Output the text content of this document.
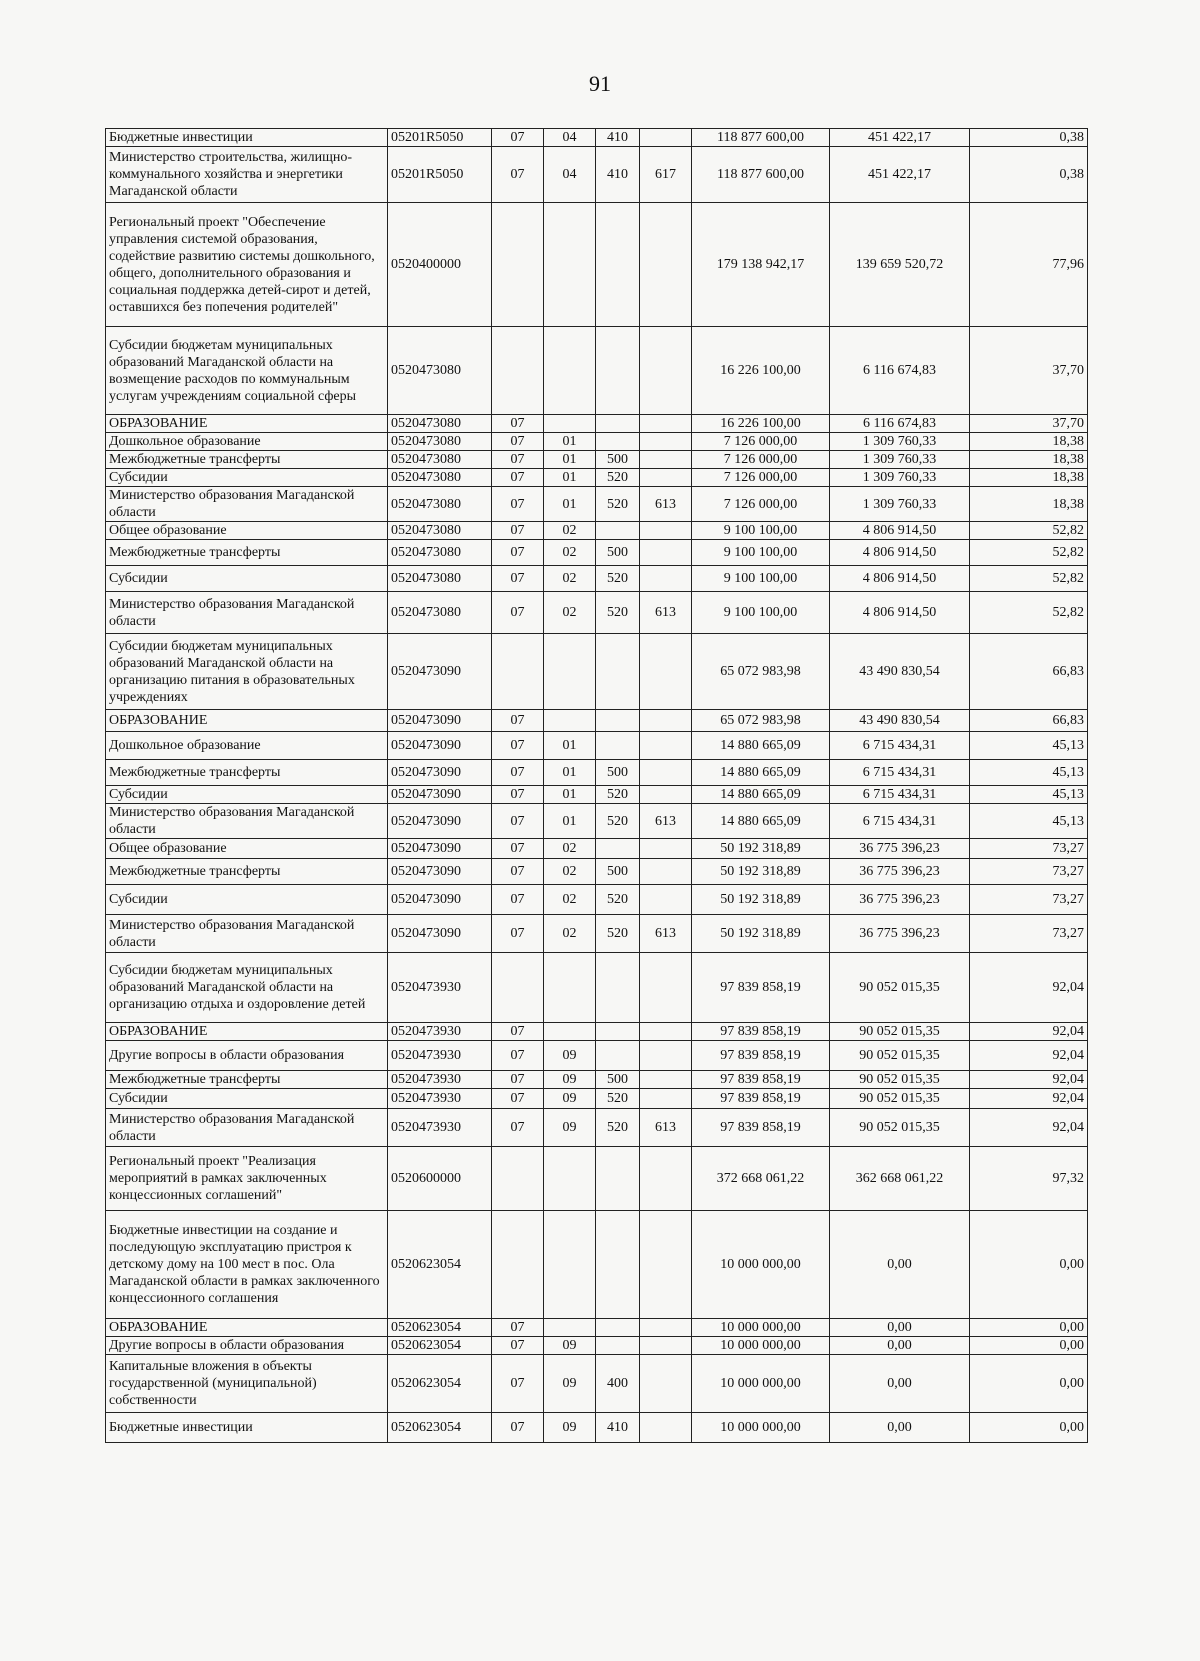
91
Бюджетные инвестиции	05201R5050	07	04	410		118 877 600,00	451 422,17	0,38
Министерство строительства, жилищно-коммунального хозяйства и энергетики Магаданской области	05201R5050	07	04	410	617	118 877 600,00	451 422,17	0,38
Региональный проект "Обеспечение управления системой образования, содействие развитию системы дошкольного, общего, дополнительного образования и социальная поддержка детей-сирот и детей, оставшихся без попечения родителей"	0520400000					179 138 942,17	139 659 520,72	77,96
Субсидии бюджетам муниципальных образований Магаданской области на возмещение расходов по коммунальным услугам учреждениям социальной сферы	0520473080					16 226 100,00	6 116 674,83	37,70
ОБРАЗОВАНИЕ	0520473080	07				16 226 100,00	6 116 674,83	37,70
Дошкольное образование	0520473080	07	01			7 126 000,00	1 309 760,33	18,38
Межбюджетные трансферты	0520473080	07	01	500		7 126 000,00	1 309 760,33	18,38
Субсидии	0520473080	07	01	520		7 126 000,00	1 309 760,33	18,38
Министерство образования Магаданской области	0520473080	07	01	520	613	7 126 000,00	1 309 760,33	18,38
Общее образование	0520473080	07	02			9 100 100,00	4 806 914,50	52,82
Межбюджетные трансферты	0520473080	07	02	500		9 100 100,00	4 806 914,50	52,82
Субсидии	0520473080	07	02	520		9 100 100,00	4 806 914,50	52,82
Министерство образования Магаданской области	0520473080	07	02	520	613	9 100 100,00	4 806 914,50	52,82
Субсидии бюджетам муниципальных образований Магаданской области на организацию питания в образовательных учреждениях	0520473090					65 072 983,98	43 490 830,54	66,83
ОБРАЗОВАНИЕ	0520473090	07				65 072 983,98	43 490 830,54	66,83
Дошкольное образование	0520473090	07	01			14 880 665,09	6 715 434,31	45,13
Межбюджетные трансферты	0520473090	07	01	500		14 880 665,09	6 715 434,31	45,13
Субсидии	0520473090	07	01	520		14 880 665,09	6 715 434,31	45,13
Министерство образования Магаданской области	0520473090	07	01	520	613	14 880 665,09	6 715 434,31	45,13
Общее образование	0520473090	07	02			50 192 318,89	36 775 396,23	73,27
Межбюджетные трансферты	0520473090	07	02	500		50 192 318,89	36 775 396,23	73,27
Субсидии	0520473090	07	02	520		50 192 318,89	36 775 396,23	73,27
Министерство образования Магаданской области	0520473090	07	02	520	613	50 192 318,89	36 775 396,23	73,27
Субсидии бюджетам муниципальных образований Магаданской области на организацию отдыха и оздоровление детей	0520473930					97 839 858,19	90 052 015,35	92,04
ОБРАЗОВАНИЕ	0520473930	07				97 839 858,19	90 052 015,35	92,04
Другие вопросы в области образования	0520473930	07	09			97 839 858,19	90 052 015,35	92,04
Межбюджетные трансферты	0520473930	07	09	500		97 839 858,19	90 052 015,35	92,04
Субсидии	0520473930	07	09	520		97 839 858,19	90 052 015,35	92,04
Министерство образования Магаданской области	0520473930	07	09	520	613	97 839 858,19	90 052 015,35	92,04
Региональный проект "Реализация мероприятий в рамках заключенных концессионных соглашений"	0520600000					372 668 061,22	362 668 061,22	97,32
Бюджетные инвестиции на создание и последующую эксплуатацию пристроя к детскому дому на 100 мест в пос. Ола Магаданской области в рамках заключенного концессионного соглашения	0520623054					10 000 000,00	0,00	0,00
ОБРАЗОВАНИЕ	0520623054	07				10 000 000,00	0,00	0,00
Другие вопросы в области образования	0520623054	07	09			10 000 000,00	0,00	0,00
Капитальные вложения в объекты государственной (муниципальной) собственности	0520623054	07	09	400		10 000 000,00	0,00	0,00
Бюджетные инвестиции	0520623054	07	09	410		10 000 000,00	0,00	0,00
